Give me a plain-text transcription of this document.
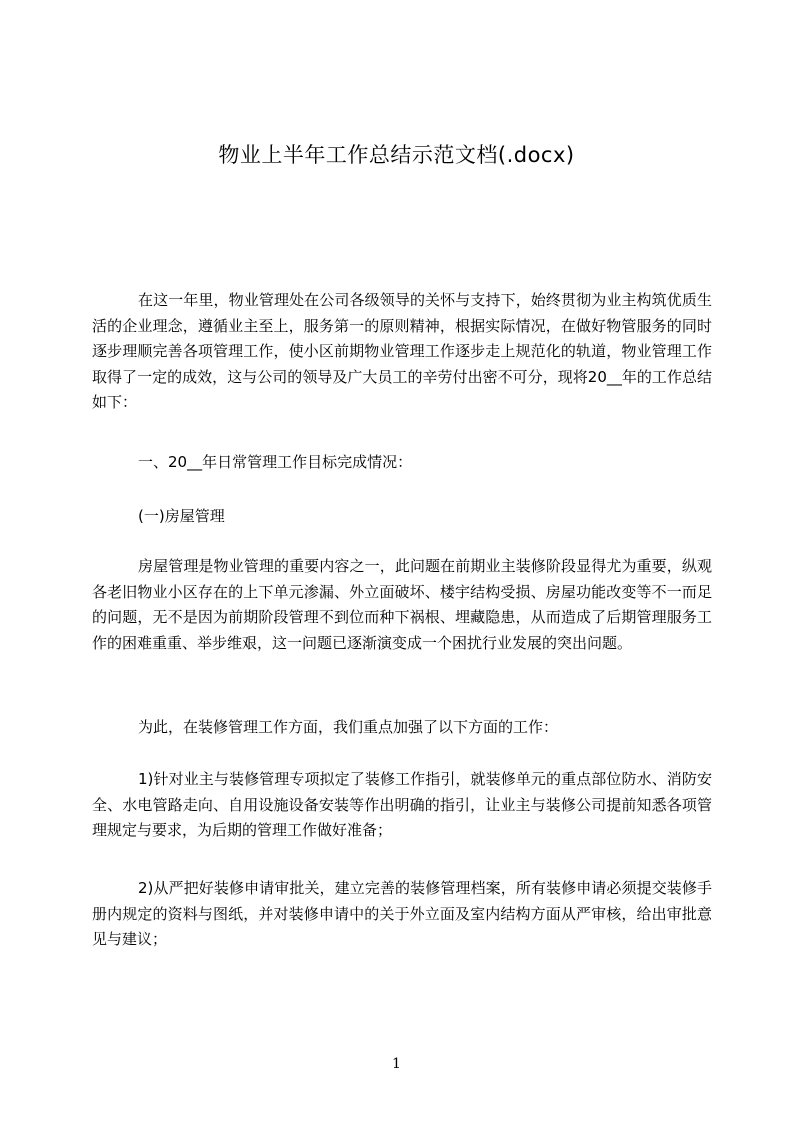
物业上半年工作总结示范文档(.docx)

在这一年里，物业管理处在公司各级领导的关怀与支持下，始终贯彻为业主构筑优质生活的企业理念，遵循业主至上，服务第一的原则精神，根据实际情况，在做好物管服务的同时逐步理顺完善各项管理工作，使小区前期物业管理工作逐步走上规范化的轨道，物业管理工作取得了一定的成效，这与公司的领导及广大员工的辛劳付出密不可分，现将20__年的工作总结如下：

一、20__年日常管理工作目标完成情况：

(一)房屋管理

房屋管理是物业管理的重要内容之一，此问题在前期业主装修阶段显得尤为重要，纵观各老旧物业小区存在的上下单元渗漏、外立面破坏、楼宇结构受损、房屋功能改变等不一而足的问题，无不是因为前期阶段管理不到位而种下祸根、埋藏隐患，从而造成了后期管理服务工作的困难重重、举步维艰，这一问题已逐渐演变成一个困扰行业发展的突出问题。

为此，在装修管理工作方面，我们重点加强了以下方面的工作：

1)针对业主与装修管理专项拟定了装修工作指引，就装修单元的重点部位防水、消防安全、水电管路走向、自用设施设备安装等作出明确的指引，让业主与装修公司提前知悉各项管理规定与要求，为后期的管理工作做好准备；

2)从严把好装修申请审批关，建立完善的装修管理档案，所有装修申请必须提交装修手册内规定的资料与图纸，并对装修申请中的关于外立面及室内结构方面从严审核，给出审批意见与建议；

1
